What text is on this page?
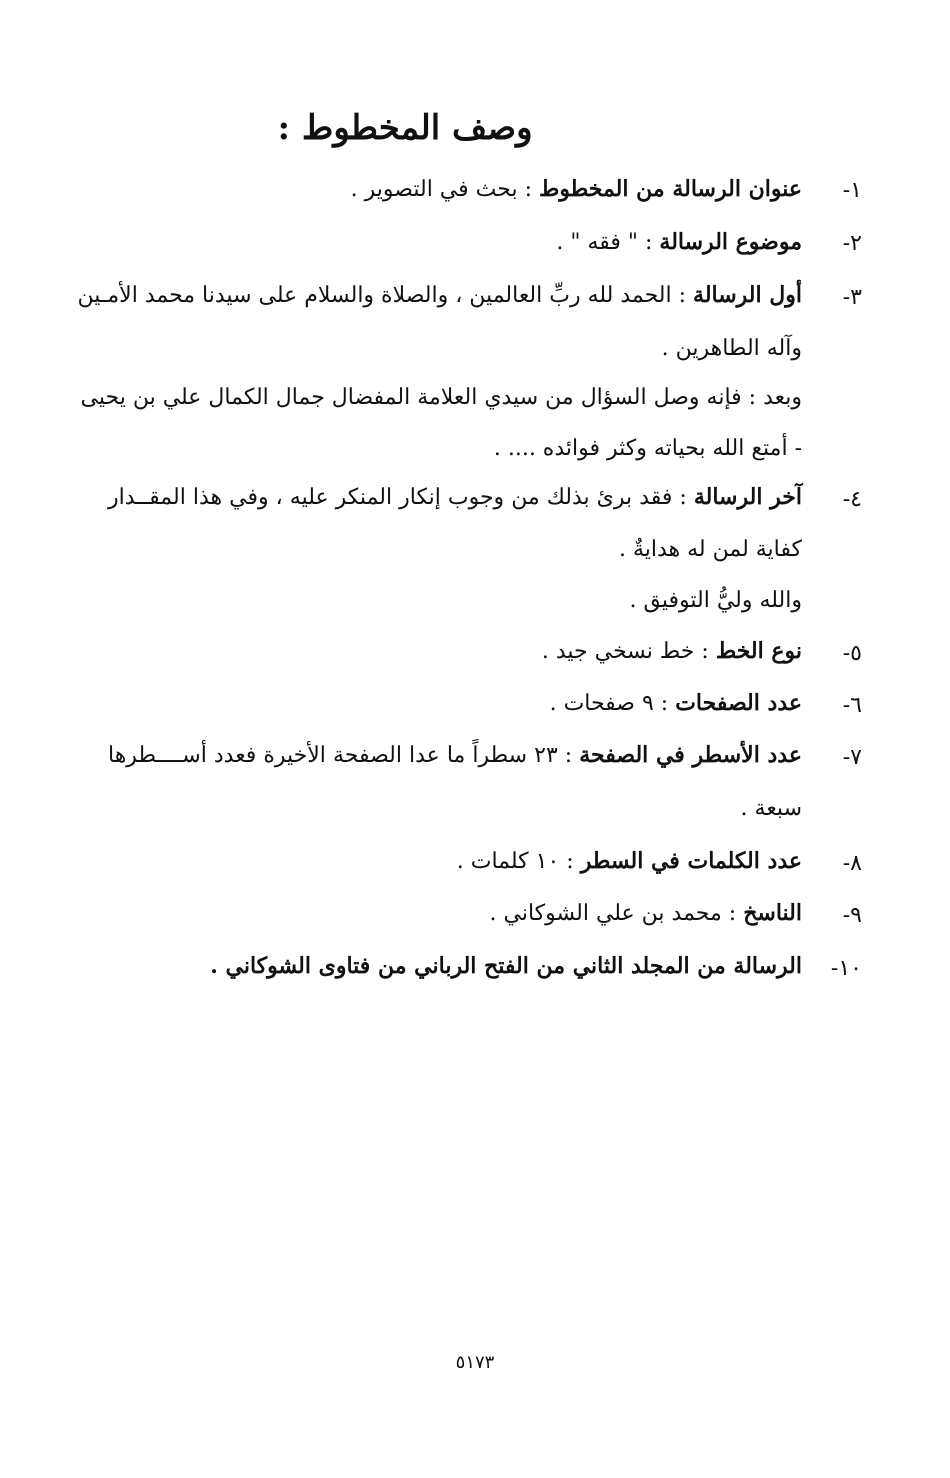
وصف المخطوط :
١-
عنوان الرسالة من المخطوط : بحث في التصوير .
٢-
موضوع الرسالة : " فقه " .
٣-
أول الرسالة : الحمد لله ربِّ العالمين ، والصلاة والسلام على سيدنا محمد الأمـين
وآله الطاهرين .
وبعد : فإنه وصل السؤال من سيدي العلامة المفضال جمال الكمال علي بن يحيى
- أمتع الله بحياته وكثر فوائده .... .
٤-
آخر الرسالة : فقد برئ بذلك من وجوب إنكار المنكر عليه ، وفي هذا المقــدار
كفاية لمن له هدايةٌ .
والله وليُّ التوفيق .
٥-
نوع الخط : خط نسخي جيد .
٦-
عدد الصفحات : ٩ صفحات .
٧-
عدد الأسطر في الصفحة : ٢٣ سطراً ما عدا الصفحة الأخيرة فعدد أســــطرها
سبعة .
٨-
عدد الكلمات في السطر : ١٠ كلمات .
٩-
الناسخ : محمد بن علي الشوكاني .
١٠-
الرسالة من المجلد الثاني من الفتح الرباني من فتاوى الشوكاني .
٥١٧٣
